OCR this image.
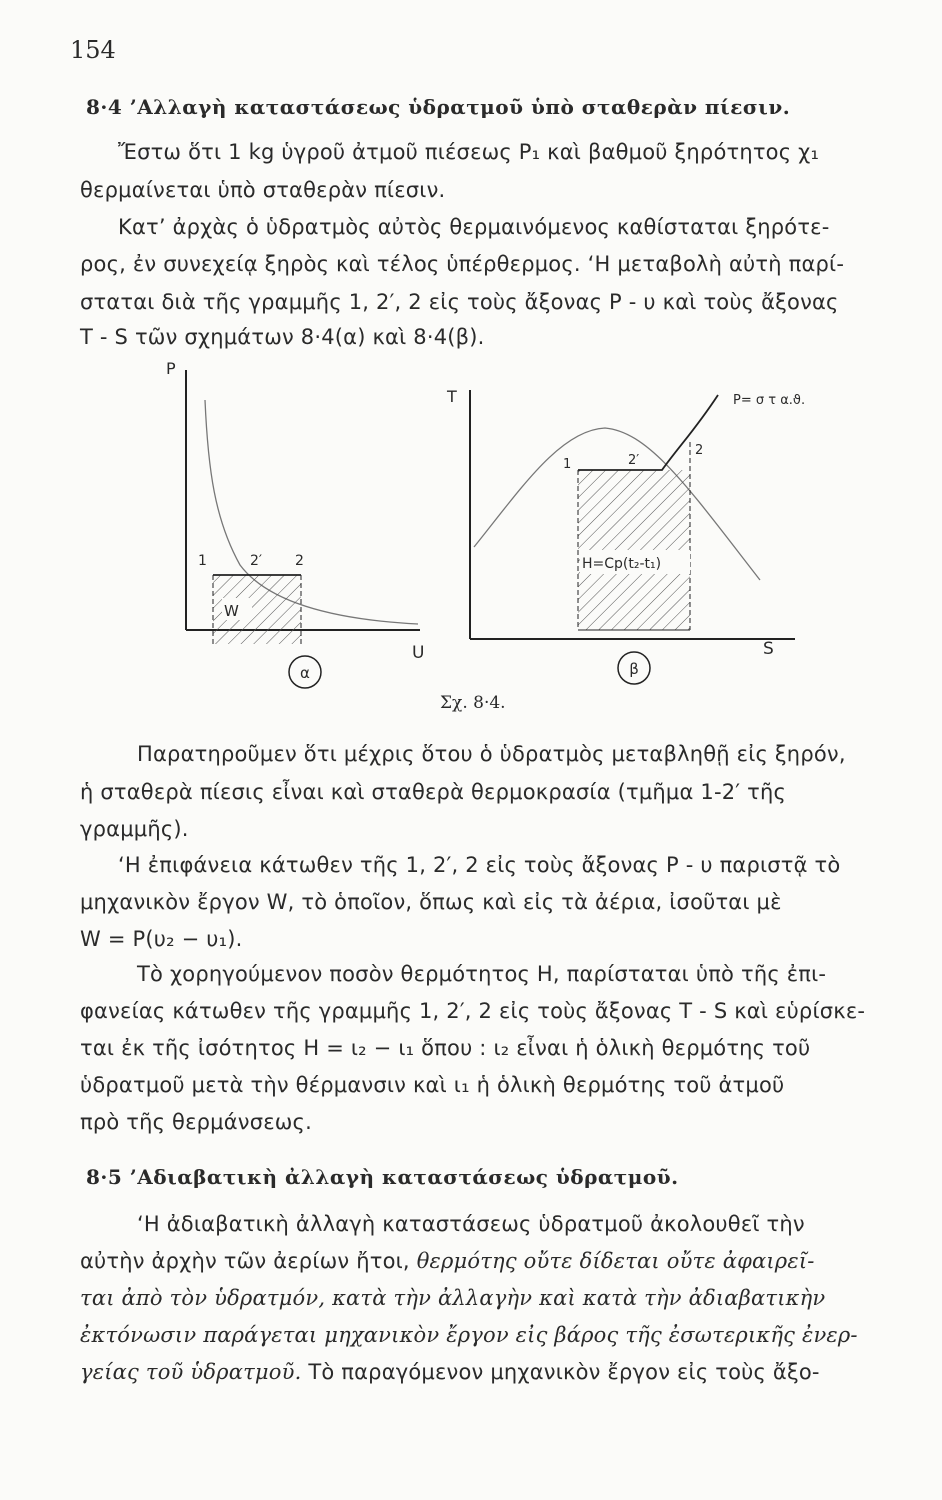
154
8·4 ’Αλλαγὴ καταστάσεως ὑδρατμοῦ ὑπὸ σταθερὰν πίεσιν.
Ἔστω ὅτι 1 kg ὑγροῦ ἀτμοῦ πιέσεως P₁ καὶ βαθμοῦ ξηρότητος χ₁
θερμαίνεται ὑπὸ σταθερὰν πίεσιν.
Κατ’ ἀρχὰς ὁ ὑδρατμὸς αὐτὸς θερμαινόμενος καθίσταται ξηρότε-
ρος, ἐν συνεχείᾳ ξηρὸς καὶ τέλος ὑπέρθερμος. ‘Η μεταβολὴ αὐτὴ παρί-
σταται διὰ τῆς γραμμῆς 1, 2′, 2 εἰς τοὺς ἄξονας P - υ καὶ τοὺς ἄξονας
T - S τῶν σχημάτων 8·4(α) καὶ 8·4(β).
P
U
W
1	2′ 2
α
T
S
H=Cp(t₂-t₁)
1	2′
2
P= σ τ α.ϑ.
β
Σχ. 8·4.
Παρατηροῦμεν ὅτι μέχρις ὅτου ὁ ὑδρατμὸς μεταβληθῇ εἰς ξηρόν,
ἡ σταθερὰ πίεσις εἶναι καὶ σταθερὰ θερμοκρασία (τμῆμα 1-2′ τῆς
γραμμῆς).
‘Η ἐπιφάνεια κάτωθεν τῆς 1, 2′, 2 εἰς τοὺς ἄξονας P - υ παριστᾷ τὸ
μηχανικὸν ἔργον W, τὸ ὁποῖον, ὅπως καὶ εἰς τὰ ἀέρια, ἰσοῦται μὲ
W = P(υ₂ − υ₁).
Τὸ χορηγούμενον ποσὸν θερμότητος H, παρίσταται ὑπὸ τῆς ἐπι-
φανείας κάτωθεν τῆς γραμμῆς 1, 2′, 2 εἰς τοὺς ἄξονας T - S καὶ εὑρίσκε-
ται ἐκ τῆς ἰσότητος H = ι₂ − ι₁ ὅπου : ι₂ εἶναι ἡ ὁλικὴ θερμότης τοῦ
ὑδρατμοῦ μετὰ τὴν θέρμανσιν καὶ ι₁ ἡ ὁλικὴ θερμότης τοῦ ἀτμοῦ
πρὸ τῆς θερμάνσεως.
8·5 ’Αδιαβατικὴ ἀλλαγὴ καταστάσεως ὑδρατμοῦ.
‘Η ἀδιαβατικὴ ἀλλαγὴ καταστάσεως ὑδρατμοῦ ἀκολουθεῖ τὴν
αὐτὴν ἀρχὴν τῶν ἀερίων ἤτοι, θερμότης οὔτε δίδεται οὔτε ἀφαιρεῖ-
ται ἀπὸ τὸν ὑδρατμόν, κατὰ τὴν ἀλλαγὴν καὶ κατὰ τὴν ἀδιαβατικὴν
ἐκτόνωσιν παράγεται μηχανικὸν ἔργον εἰς βάρος τῆς ἐσωτερικῆς ἐνερ-
γείας τοῦ ὑδρατμοῦ. Τὸ παραγόμενον μηχανικὸν ἔργον εἰς τοὺς ἄξο-
